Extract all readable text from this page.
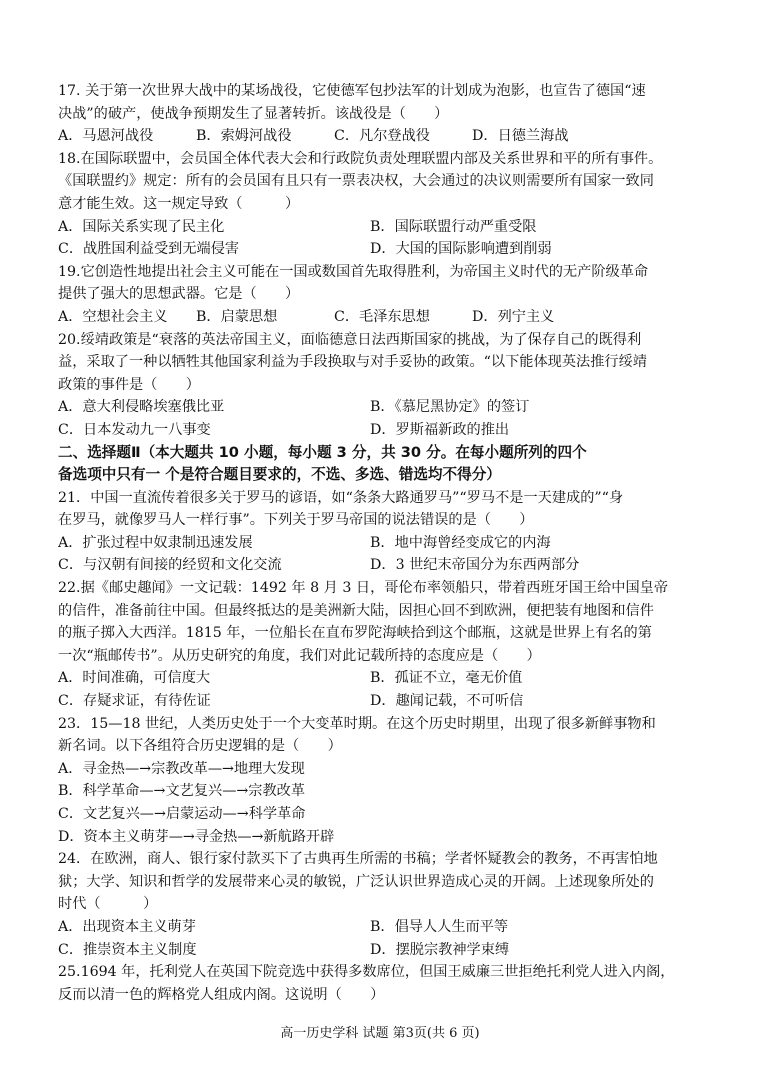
17. 关于第一次世界大战中的某场战役，它使德军包抄法军的计划成为泡影，也宣告了德国“速
决战”的破产，使战争预期发生了显著转折。该战役是（　　）
A．马恩河战役	B．索姆河战役	C．凡尔登战役	D．日德兰海战
18.在国际联盟中，会员国全体代表大会和行政院负责处理联盟内部及关系世界和平的所有事件。
《国联盟约》规定：所有的会员国有且只有一票表决权，大会通过的决议则需要所有国家一致同
意才能生效。这一规定导致（　　　）
A．国际关系实现了民主化	B．国际联盟行动严重受限
C．战胜国利益受到无端侵害	D．大国的国际影响遭到削弱
19.它创造性地提出社会主义可能在一国或数国首先取得胜利，为帝国主义时代的无产阶级革命
提供了强大的思想武器。它是（　　）
A．空想社会主义	B．启蒙思想	C．毛泽东思想	D．列宁主义
20.绥靖政策是“衰落的英法帝国主义，面临德意日法西斯国家的挑战，为了保存自己的既得利
益，采取了一种以牺牲其他国家利益为手段换取与对手妥协的政策。“以下能体现英法推行绥靖
政策的事件是（　　）
A．意大利侵略埃塞俄比亚	B．《慕尼黑协定》的签订
C．日本发动九一八事变	D．罗斯福新政的推出
二、选择题Ⅱ（本大题共 10 小题，每小题 3 分，共 30 分。在每小题所列的四个
备选项中只有一 个是符合题目要求的，不选、多选、错选均不得分）
21．中国一直流传着很多关于罗马的谚语，如“条条大路通罗马”“罗马不是一天建成的”“身
在罗马，就像罗马人一样行事”。下列关于罗马帝国的说法错误的是（　　）
A．扩张过程中奴隶制迅速发展	B．地中海曾经变成它的内海
C．与汉朝有间接的经贸和文化交流	D．3 世纪末帝国分为东西两部分
22.据《邮史趣闻》一文记载：1492 年 8 月 3 日，哥伦布率领船只，带着西班牙国王给中国皇帝
的信件，准备前往中国。但最终抵达的是美洲新大陆，因担心回不到欧洲，便把装有地图和信件
的瓶子掷入大西洋。1815 年，一位船长在直布罗陀海峡拾到这个邮瓶，这就是世界上有名的第
一次“瓶邮传书”。从历史研究的角度，我们对此记载所持的态度应是（　　）
A．时间准确，可信度大	B．孤证不立，毫无价值
C．存疑求证，有待佐证	D．趣闻记载，不可听信
23．15—18 世纪，人类历史处于一个大变革时期。在这个历史时期里，出现了很多新鲜事物和
新名词。以下各组符合历史逻辑的是（　　）
A．寻金热—→宗教改革—→地理大发现
B．科学革命—→文艺复兴—→宗教改革
C．文艺复兴—→启蒙运动—→科学革命
D．资本主义萌芽—→寻金热—→新航路开辟
24．在欧洲，商人、银行家付款买下了古典再生所需的书稿；学者怀疑教会的教务，不再害怕地
狱；大学、知识和哲学的发展带来心灵的敏锐，广泛认识世界造成心灵的开阔。上述现象所处的
时代（　　　）
A．出现资本主义萌芽	B．倡导人人生而平等
C．推崇资本主义制度	D．摆脱宗教神学束缚
25.1694 年，托利党人在英国下院竞选中获得多数席位，但国王威廉三世拒绝托利党人进入内阁，
反而以清一色的辉格党人组成内阁。这说明（　　）
高一历史学科 试题 第3页(共 6 页)
